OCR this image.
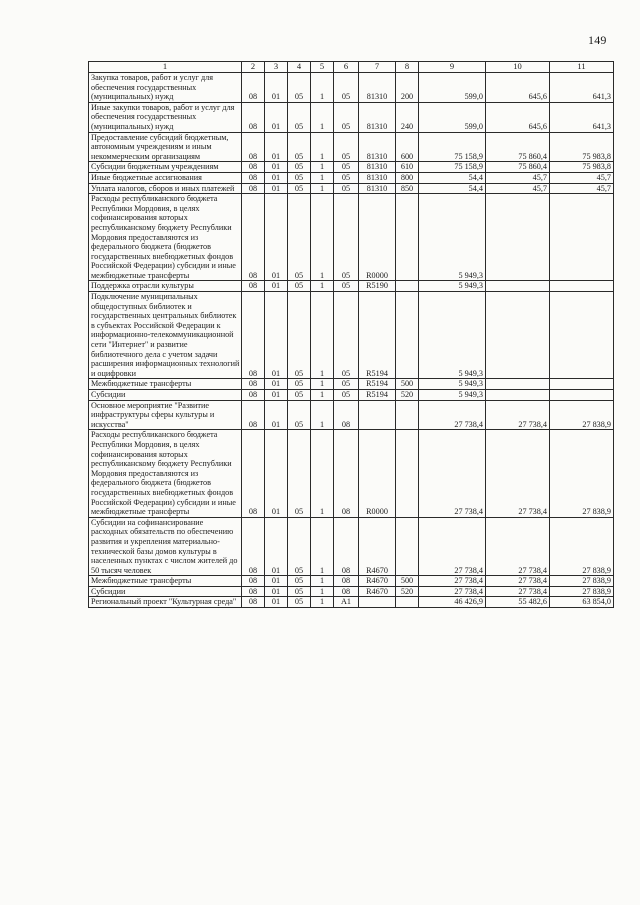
149
1	2	3	4	5	6	7	8	9	10	11
Закупка товаров, работ и услуг для обеспечения государственных (муниципальных) нужд	08	01	05	1	05	81310	200	599,0	645,6	641,3
Иные закупки товаров, работ и услуг для обеспечения государственных (муниципальных) нужд	08	01	05	1	05	81310	240	599,0	645,6	641,3
Предоставление субсидий бюджетным, автономным учреждениям и иным некоммерческим организациям	08	01	05	1	05	81310	600	75 158,9	75 860,4	75 983,8
Субсидии бюджетным учреждениям	08	01	05	1	05	81310	610	75 158,9	75 860,4	75 983,8
Иные бюджетные ассигнования	08	01	05	1	05	81310	800	54,4	45,7	45,7
Уплата налогов, сборов и иных платежей	08	01	05	1	05	81310	850	54,4	45,7	45,7
Расходы республиканского бюджета Республики Мордовия, в целях софинансирования которых республиканскому бюджету Республики Мордовия предоставляются из федерального бюджета (бюджетов государственных внебюджетных фондов Российской Федерации) субсидии и иные межбюджетные трансферты	08	01	05	1	05	R0000		5 949,3		
Поддержка отрасли культуры	08	01	05	1	05	R5190		5 949,3		
Подключение муниципальных общедоступных библиотек и государственных центральных библиотек в субъектах Российской Федерации к информационно-телекоммуникационной сети "Интернет" и развитие библиотечного дела с учетом задачи расширения информационных технологий и оцифровки	08	01	05	1	05	R5194		5 949,3		
Межбюджетные трансферты	08	01	05	1	05	R5194	500	5 949,3		
Субсидии	08	01	05	1	05	R5194	520	5 949,3		
Основное мероприятие "Развитие инфраструктуры сферы культуры и искусства"	08	01	05	1	08			27 738,4	27 738,4	27 838,9
Расходы республиканского бюджета Республики Мордовия, в целях софинансирования которых республиканскому бюджету Республики Мордовия предоставляются из федерального бюджета (бюджетов государственных внебюджетных фондов Российской Федерации) субсидии и иные межбюджетные трансферты	08	01	05	1	08	R0000		27 738,4	27 738,4	27 838,9
Субсидии на софинансирование расходных обязательств по обеспечению развития и укрепления материально-технической базы домов культуры в населенных пунктах с числом жителей до 50 тысяч человек	08	01	05	1	08	R4670		27 738,4	27 738,4	27 838,9
Межбюджетные трансферты	08	01	05	1	08	R4670	500	27 738,4	27 738,4	27 838,9
Субсидии	08	01	05	1	08	R4670	520	27 738,4	27 738,4	27 838,9
Региональный проект "Культурная среда"	08	01	05	1	A1			46 426,9	55 482,6	63 854,0
